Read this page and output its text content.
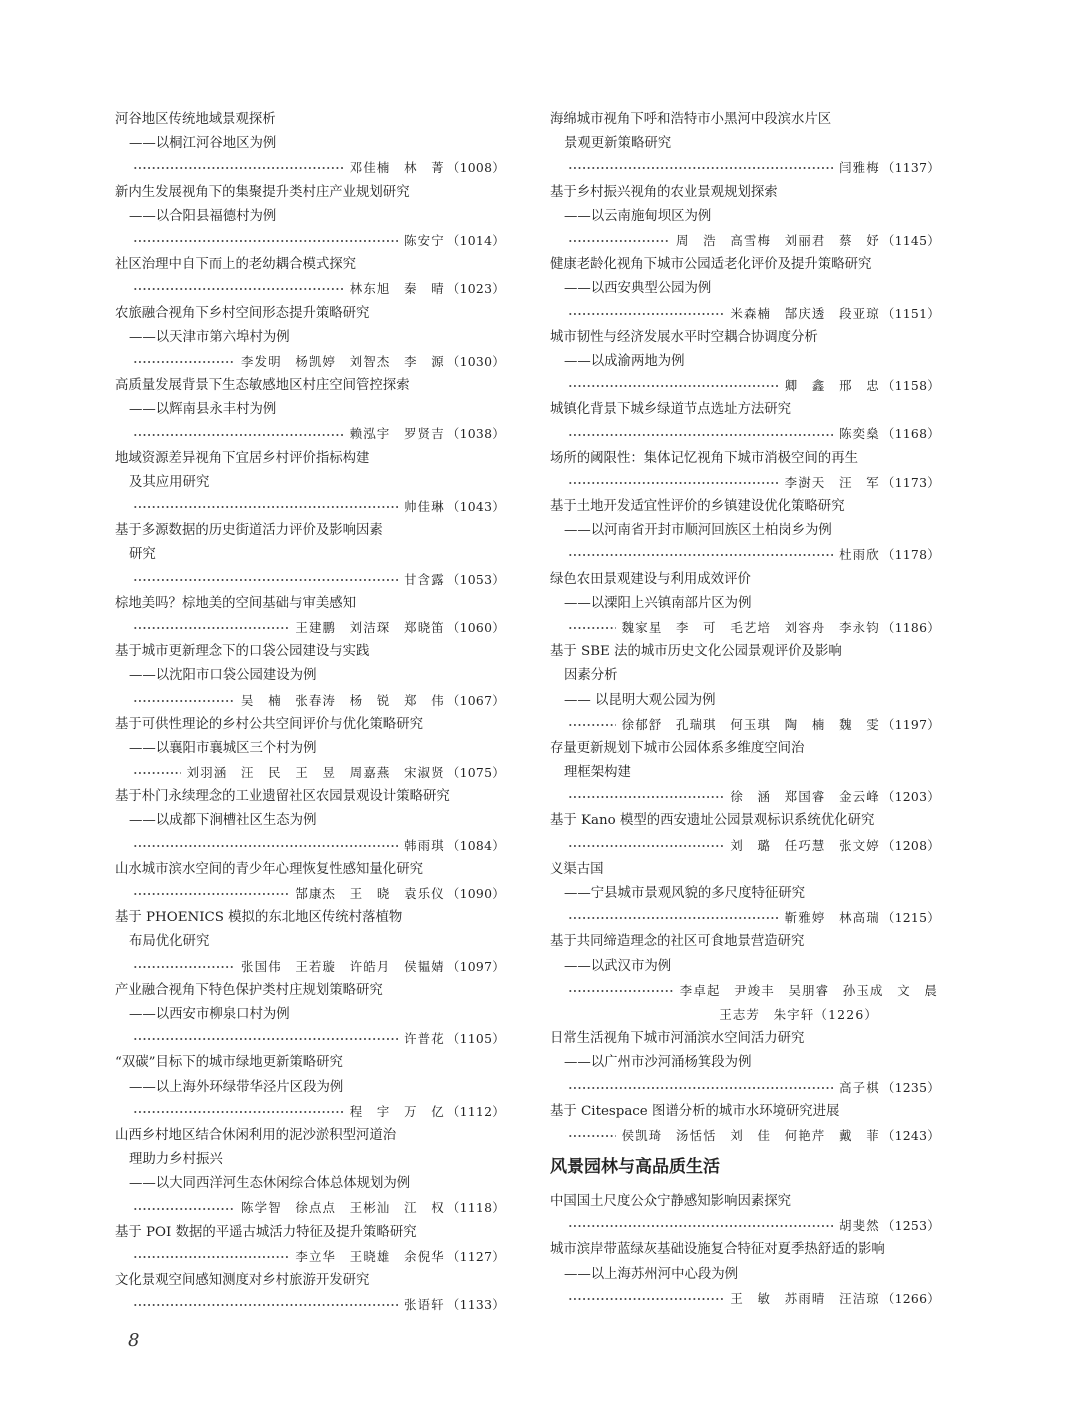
河谷地区传统地域景观探析
——以桐江河谷地区为例
邓佳楠　林　菁 （1008）
新内生发展视角下的集聚提升类村庄产业规划研究
——以合阳县福德村为例
陈安宁 （1014）
社区治理中自下而上的老幼耦合模式探究
林东旭　秦　晴 （1023）
农旅融合视角下乡村空间形态提升策略研究
——以天津市第六埠村为例
李发明　杨凯婷　刘智杰　李　源 （1030）
高质量发展背景下生态敏感地区村庄空间管控探索
——以辉南县永丰村为例
赖泓宇　罗贤吉 （1038）
地域资源差异视角下宜居乡村评价指标构建
及其应用研究
帅佳琳 （1043）
基于多源数据的历史街道活力评价及影响因素
研究
甘含露 （1053）
棕地美吗？棕地美的空间基础与审美感知
王建鹏　刘洁琛　郑晓笛 （1060）
基于城市更新理念下的口袋公园建设与实践
——以沈阳市口袋公园建设为例
吴　楠　张春涛　杨　锐　郑　伟 （1067）
基于可供性理论的乡村公共空间评价与优化策略研究
——以襄阳市襄城区三个村为例
刘羽涵　汪　民　王　昱　周嘉燕　宋淑贤 （1075）
基于朴门永续理念的工业遗留社区农园景观设计策略研究
——以成都下涧槽社区生态为例
韩雨琪 （1084）
山水城市滨水空间的青少年心理恢复性感知量化研究
郜康杰　王　晓　袁乐仪 （1090）
基于 PHOENICS 模拟的东北地区传统村落植物
布局优化研究
张国伟　王若璇　许皓月　侯韫婧 （1097）
产业融合视角下特色保护类村庄规划策略研究
——以西安市柳泉口村为例
许普花 （1105）
“双碳”目标下的城市绿地更新策略研究
——以上海外环绿带华泾片区段为例
程　宇　万　亿 （1112）
山西乡村地区结合休闲利用的泥沙淤积型河道治
理助力乡村振兴
——以大同西洋河生态休闲综合体总体规划为例
陈学智　徐点点　王彬汕　江　权 （1118）
基于 POI 数据的平遥古城活力特征及提升策略研究
李立华　王晓雄　余倪华 （1127）
文化景观空间感知测度对乡村旅游开发研究
张语轩 （1133）
海绵城市视角下呼和浩特市小黑河中段滨水片区
景观更新策略研究
闫雅梅 （1137）
基于乡村振兴视角的农业景观规划探索
——以云南施甸坝区为例
周　浩　高雪梅　刘丽君　蔡　妤 （1145）
健康老龄化视角下城市公园适老化评价及提升策略研究
——以西安典型公园为例
米森楠　郜庆透　段亚琼 （1151）
城市韧性与经济发展水平时空耦合协调度分析
——以成渝两地为例
卿　鑫　邢　忠 （1158）
城镇化背景下城乡绿道节点选址方法研究
陈奕燊 （1168）
场所的阈限性：集体记忆视角下城市消极空间的再生
李澍天　汪　军 （1173）
基于土地开发适宜性评价的乡镇建设优化策略研究
——以河南省开封市顺河回族区土柏岗乡为例
杜雨欣 （1178）
绿色农田景观建设与利用成效评价
——以溧阳上兴镇南部片区为例
魏家星　李　可　毛艺培　刘容舟　李永钧 （1186）
基于 SBE 法的城市历史文化公园景观评价及影响
因素分析
—— 以昆明大观公园为例
徐郁舒　孔瑞琪　何玉琪　陶　楠　魏　雯 （1197）
存量更新规划下城市公园体系多维度空间治
理框架构建
徐　涵　郑国睿　金云峰 （1203）
基于 Kano 模型的西安遗址公园景观标识系统优化研究
刘　璐　任巧慧　张文婷 （1208）
义渠古国
——宁县城市景观风貌的多尺度特征研究
靳雅婷　林高瑞 （1215）
基于共同缔造理念的社区可食地景营造研究
——以武汉市为例
李卓起　尹竣丰　吴朋睿　孙玉成　文　晨
王志芳　朱宇轩（1226）
日常生活视角下城市河涌滨水空间活力研究
——以广州市沙河涌杨箕段为例
高子棋 （1235）
基于 Citespace 图谱分析的城市水环境研究进展
侯凯琦　汤恬恬　刘　佳　何艳芹　戴　菲 （1243）
风景园林与高品质生活
中国国土尺度公众宁静感知影响因素探究
胡斐然 （1253）
城市滨岸带蓝绿灰基础设施复合特征对夏季热舒适的影响
——以上海苏州河中心段为例
王　敏　苏雨晴　汪洁琼 （1266）
8
